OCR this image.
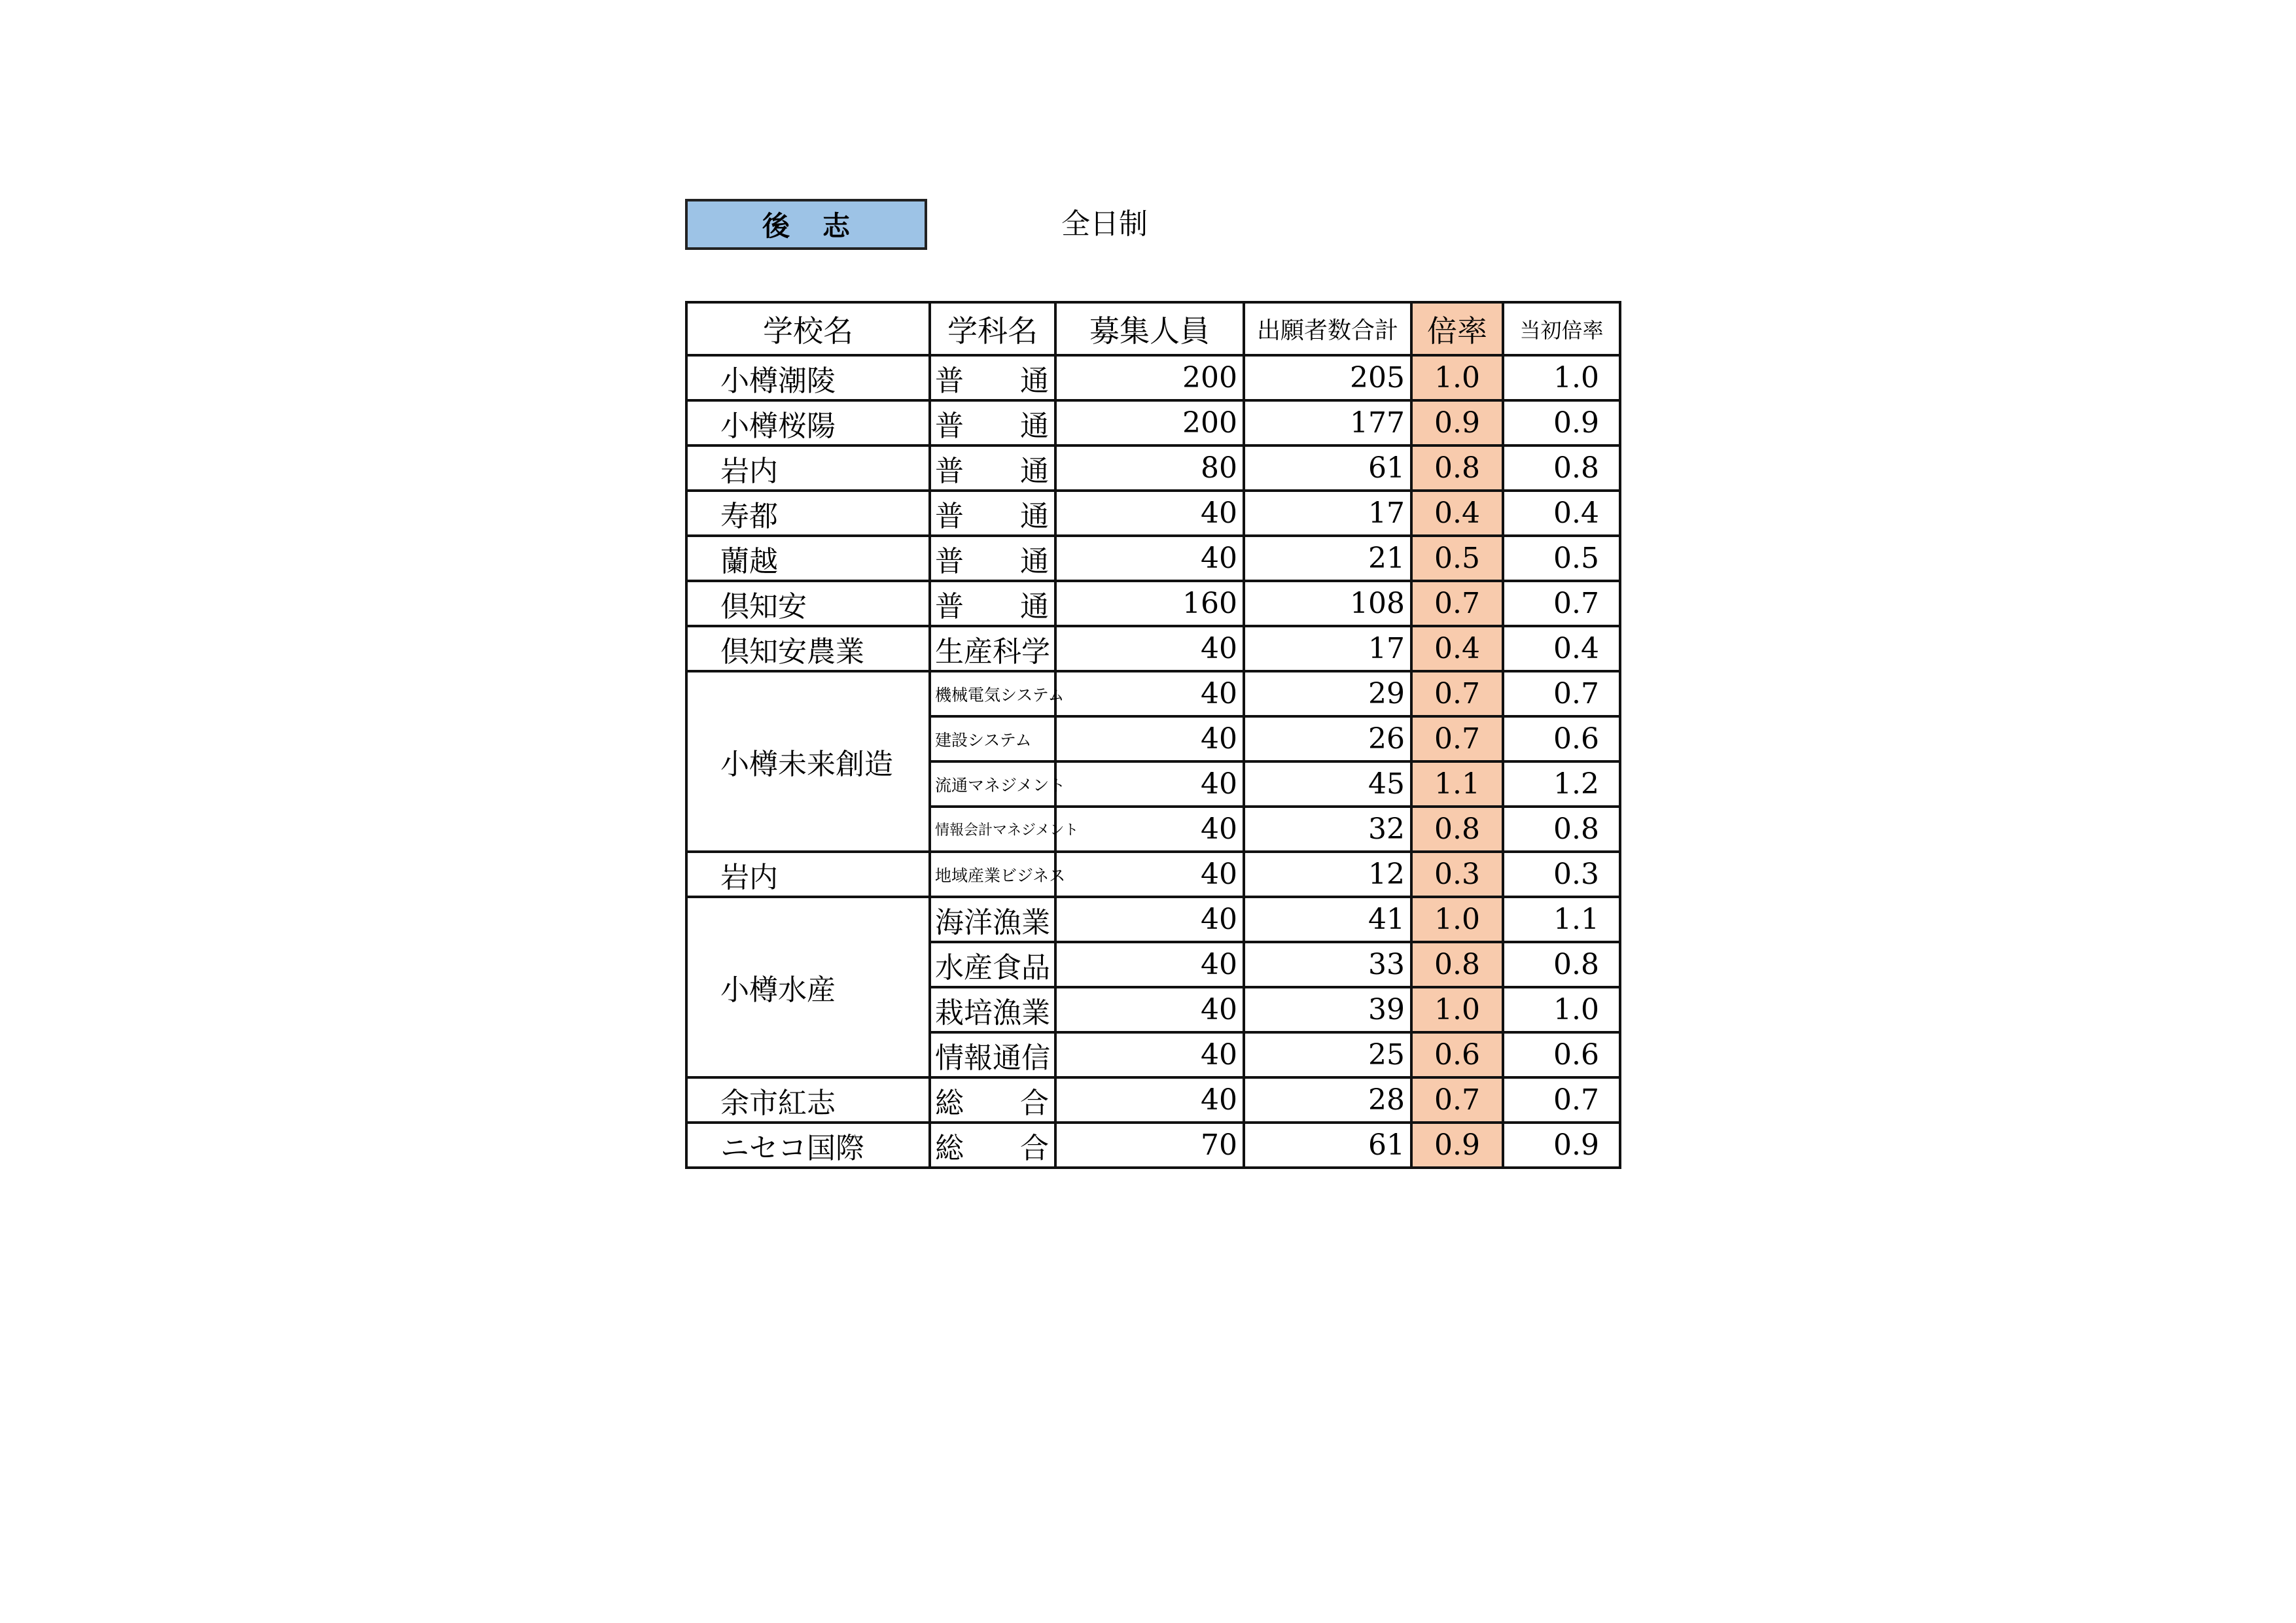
後志	全日制
学校名	学科名	募集人員	出願者数合計	倍率	当初倍率
小樽潮陵	普 通	200	205	1.0	1.0
小樽桜陽	普 通	200	177	0.9	0.9
岩内	普 通	80	61	0.8	0.8
寿都	普 通	40	17	0.4	0.4
蘭越	普 通	40	21	0.5	0.5
倶知安	普 通	160	108	0.7	0.7
倶知安農業	生産科学	40	17	0.4	0.4
小樽未来創造	機械電気システム	40	29	0.7	0.7
	建設システム	40	26	0.7	0.6
	流通マネジメント	40	45	1.1	1.2
	情報会計マネジメント	40	32	0.8	0.8
岩内	地域産業ビジネス	40	12	0.3	0.3
小樽水産	海洋漁業	40	41	1.0	1.1
	水産食品	40	33	0.8	0.8
	栽培漁業	40	39	1.0	1.0
	情報通信	40	25	0.6	0.6
余市紅志	総 合	40	28	0.7	0.7
ニセコ国際	総 合	70	61	0.9	0.9
